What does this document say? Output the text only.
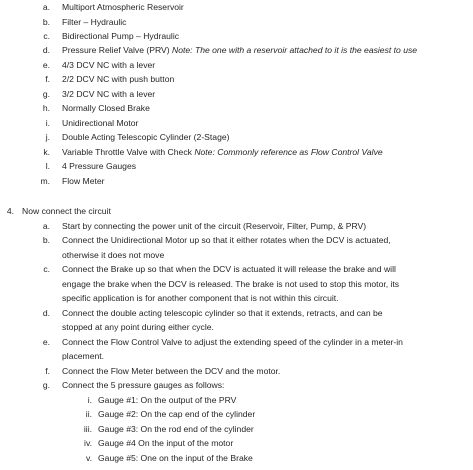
a. Multiport Atmospheric Reservoir
b. Filter – Hydraulic
c. Bidirectional Pump – Hydraulic
d. Pressure Relief Valve (PRV) Note: The one with a reservoir attached to it is the easiest to use
e. 4/3 DCV NC with a lever
f. 2/2 DCV NC with push button
g. 3/2 DCV NC with a lever
h. Normally Closed Brake
i. Unidirectional Motor
j. Double Acting Telescopic Cylinder (2-Stage)
k. Variable Throttle Valve with Check Note: Commonly reference as Flow Control Valve
l. 4 Pressure Gauges
m. Flow Meter
4. Now connect the circuit
a. Start by connecting the power unit of the circuit (Reservoir, Filter, Pump, & PRV)
b. Connect the Unidirectional Motor up so that it either rotates when the DCV is actuated,
otherwise it does not move
c. Connect the Brake up so that when the DCV is actuated it will release the brake and will
engage the brake when the DCV is released. The brake is not used to stop this motor, its
specific application is for another component that is not within this circuit.
d. Connect the double acting telescopic cylinder so that it extends, retracts, and can be
stopped at any point during either cycle.
e. Connect the Flow Control Valve to adjust the extending speed of the cylinder in a meter-in
placement.
f. Connect the Flow Meter between the DCV and the motor.
g. Connect the 5 pressure gauges as follows:
i. Gauge #1: On the output of the PRV
ii. Gauge #2: On the cap end of the cylinder
iii. Gauge #3: On the rod end of the cylinder
iv. Gauge #4 On the input of the motor
v. Gauge #5: One on the input of the Brake
